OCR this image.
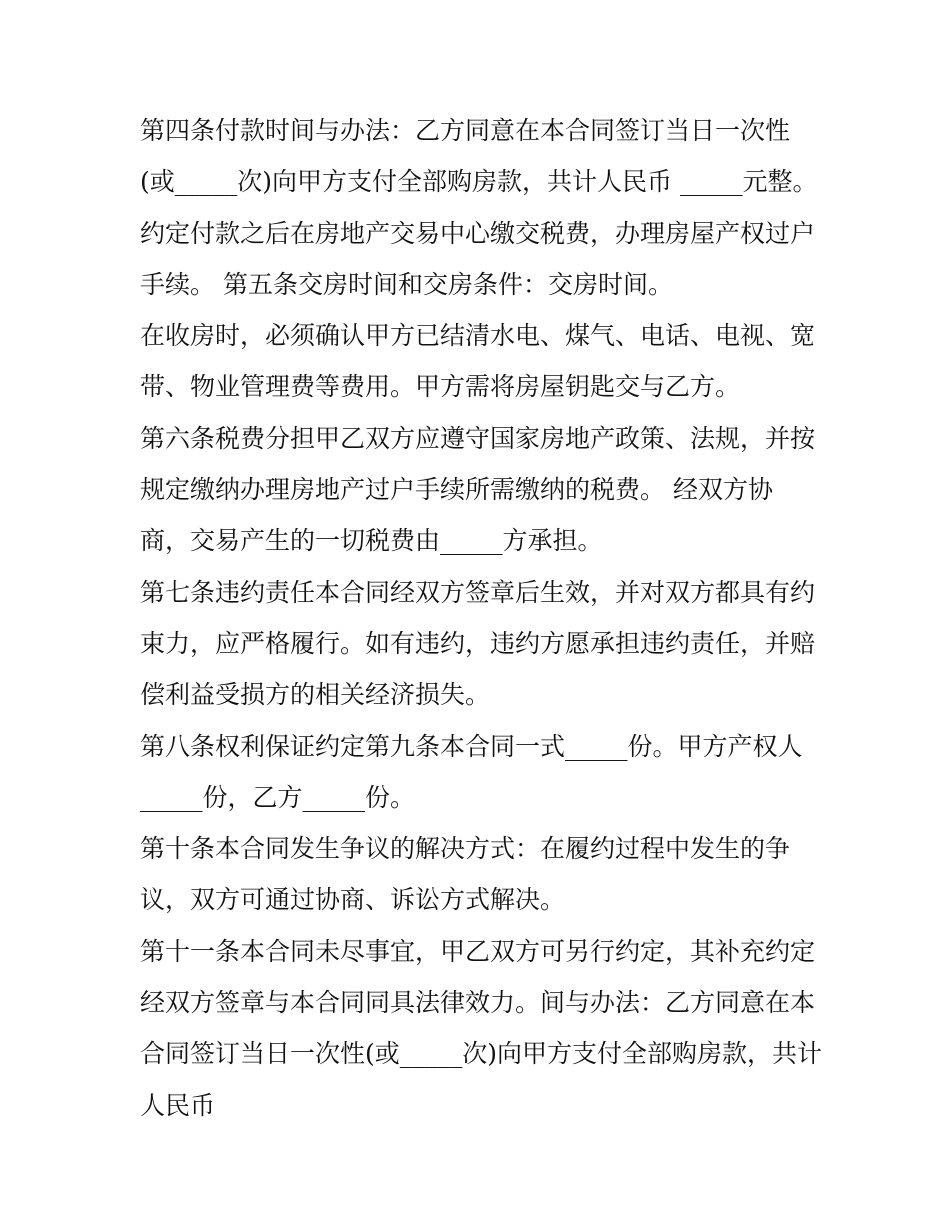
第四条付款时间与办法：乙方同意在本合同签订当日一次性
(或_____次)向甲方支付全部购房款，共计人民币 _____元整。
约定付款之后在房地产交易中心缴交税费，办理房屋产权过户
手续。 第五条交房时间和交房条件：交房时间。
在收房时，必须确认甲方已结清水电、煤气、电话、电视、宽
带、物业管理费等费用。甲方需将房屋钥匙交与乙方。
第六条税费分担甲乙双方应遵守国家房地产政策、法规，并按
规定缴纳办理房地产过户手续所需缴纳的税费。 经双方协
商，交易产生的一切税费由_____方承担。
第七条违约责任本合同经双方签章后生效，并对双方都具有约
束力，应严格履行。如有违约，违约方愿承担违约责任，并赔
偿利益受损方的相关经济损失。
第八条权利保证约定第九条本合同一式_____份。甲方产权人
_____份，乙方_____份。
第十条本合同发生争议的解决方式：在履约过程中发生的争
议，双方可通过协商、诉讼方式解决。
第十一条本合同未尽事宜，甲乙双方可另行约定，其补充约定
经双方签章与本合同同具法律效力。间与办法：乙方同意在本
合同签订当日一次性(或_____次)向甲方支付全部购房款，共计
人民币
